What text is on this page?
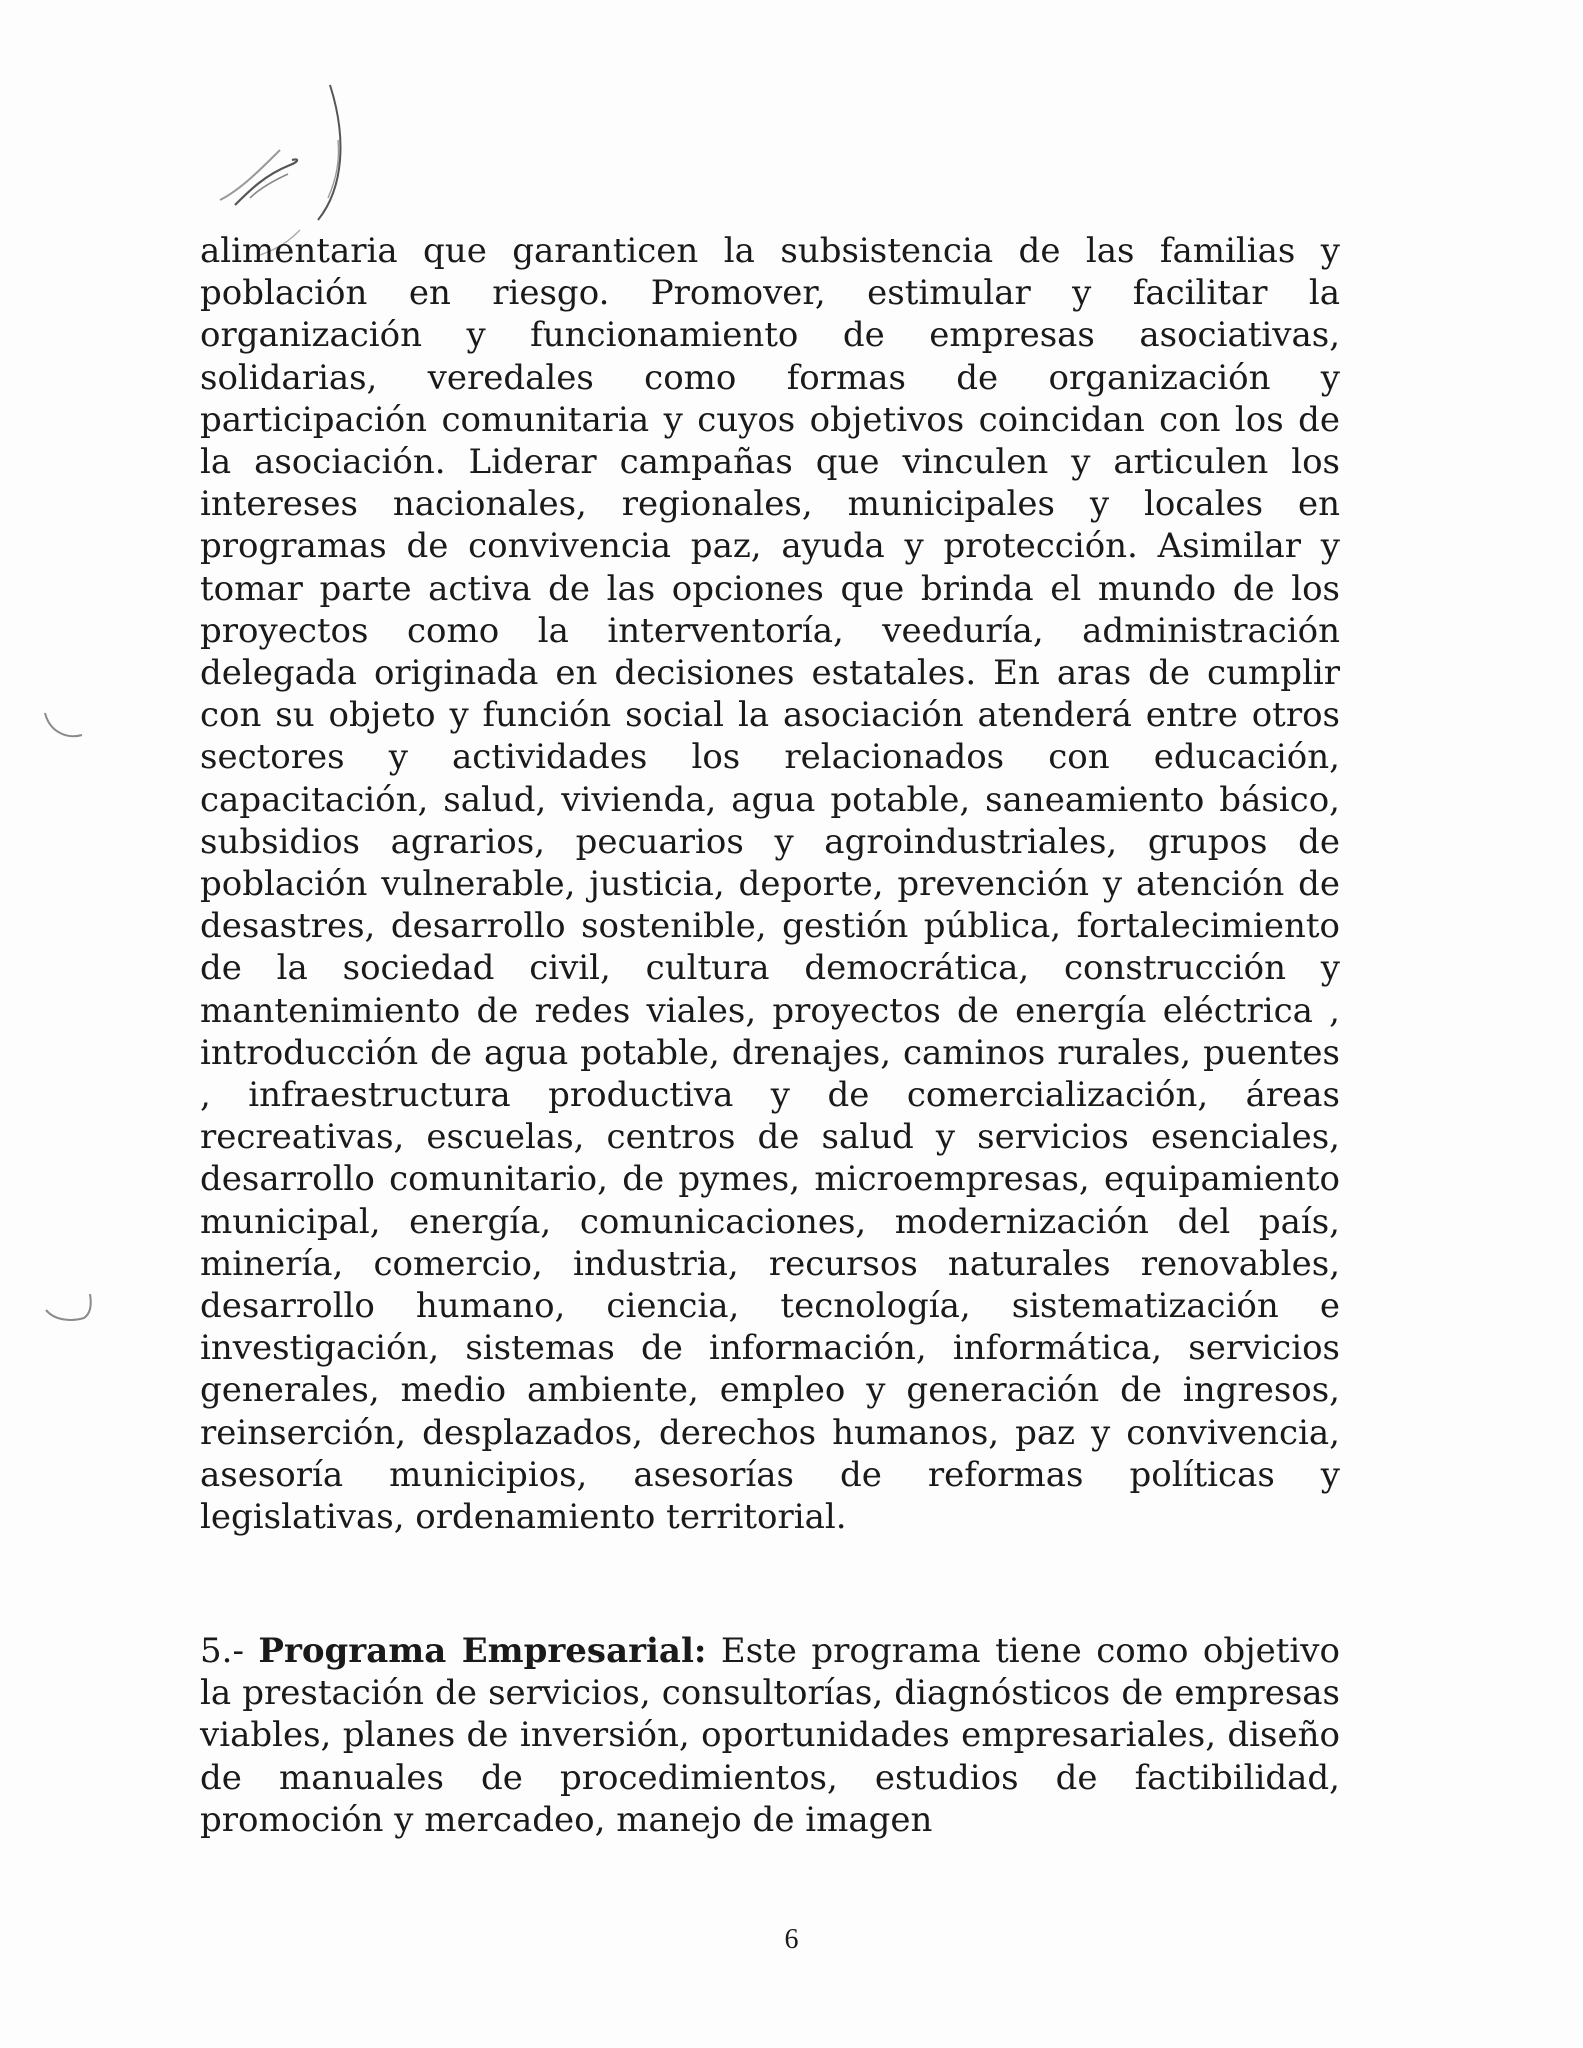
alimentaria que garanticen la subsistencia de las familias y población en riesgo. Promover, estimular y facilitar la organización y funcionamiento de empresas asociativas, solidarias, veredales como formas de organización y participación comunitaria y cuyos objetivos coincidan con los de la asociación. Liderar campañas que vinculen y articulen los intereses nacionales, regionales, municipales y locales en programas de convivencia paz, ayuda y protección. Asimilar y tomar parte activa de las opciones que brinda el mundo de los proyectos como la interventoría, veeduría, administración delegada originada en decisiones estatales. En aras de cumplir con su objeto y función social la asociación atenderá entre otros sectores y actividades los relacionados con educación, capacitación, salud, vivienda, agua potable, saneamiento básico, subsidios agrarios, pecuarios y agroindustriales, grupos de población vulnerable, justicia, deporte, prevención y atención de desastres, desarrollo sostenible, gestión pública, fortalecimiento de la sociedad civil, cultura democrática, construcción y mantenimiento de redes viales, proyectos de energía eléctrica , introducción de agua potable, drenajes, caminos rurales, puentes , infraestructura productiva y de comercialización, áreas recreativas, escuelas, centros de salud y servicios esenciales, desarrollo comunitario, de pymes, microempresas, equipamiento municipal, energía, comunicaciones, modernización del país, minería, comercio, industria, recursos naturales renovables, desarrollo humano, ciencia, tecnología, sistematización e investigación, sistemas de información, informática, servicios generales, medio ambiente, empleo y generación de ingresos, reinserción, desplazados, derechos humanos, paz y convivencia, asesoría municipios, asesorías de reformas políticas y legislativas, ordenamiento territorial.

5.- Programa Empresarial: Este programa tiene como objetivo la prestación de servicios, consultorías, diagnósticos de empresas viables, planes de inversión, oportunidades empresariales, diseño de manuales de procedimientos, estudios de factibilidad, promoción y mercadeo, manejo de imagen

6
